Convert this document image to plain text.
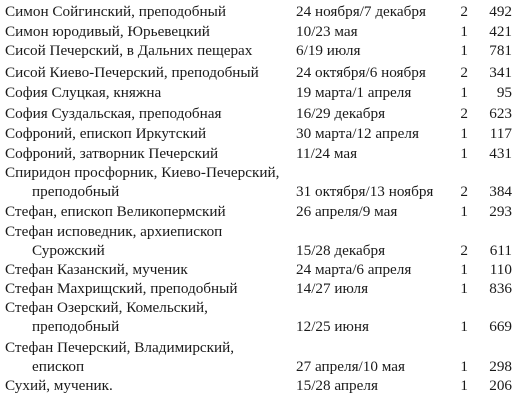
Симон Сойгинский, преподобный	24 ноября/7 декабря	2	492
Симон юродивый, Юрьевецкий	10/23 мая	1	421
Сисой Печерский, в Дальних пещерах	6/19 июля	1	781
Сисой Киево-Печерский, преподобный 24 октября/6 ноября	2	341
София Слуцкая, княжна	19 марта/1 апреля	1	95
София Суздальская, преподобная	16/29 декабря	2	623
Софроний, епископ Иркутский	30 марта/12 апреля	1	117
Софроний, затворник Печерский	11/24 мая	1	431
Спиридон просфорник, Киево-Печерский,
преподобный	31 октября/13 ноября	2	384
Стефан, епископ Великопермский	26 апреля/9 мая	1	293
Стефан исповедник, архиепископ
Сурожский	15/28 декабря	2	611
Стефан Казанский, мученик	24 марта/6 апреля	1	110
Стефан Махрищский, преподобный	14/27 июля	1	836
Стефан Озерский, Комельский,
преподобный	12/25 июня	1	669
Стефан Печерский, Владимирский,
епископ	27 апреля/10 мая	1	298
Сухий, мученик.	15/28 апреля	1	206
